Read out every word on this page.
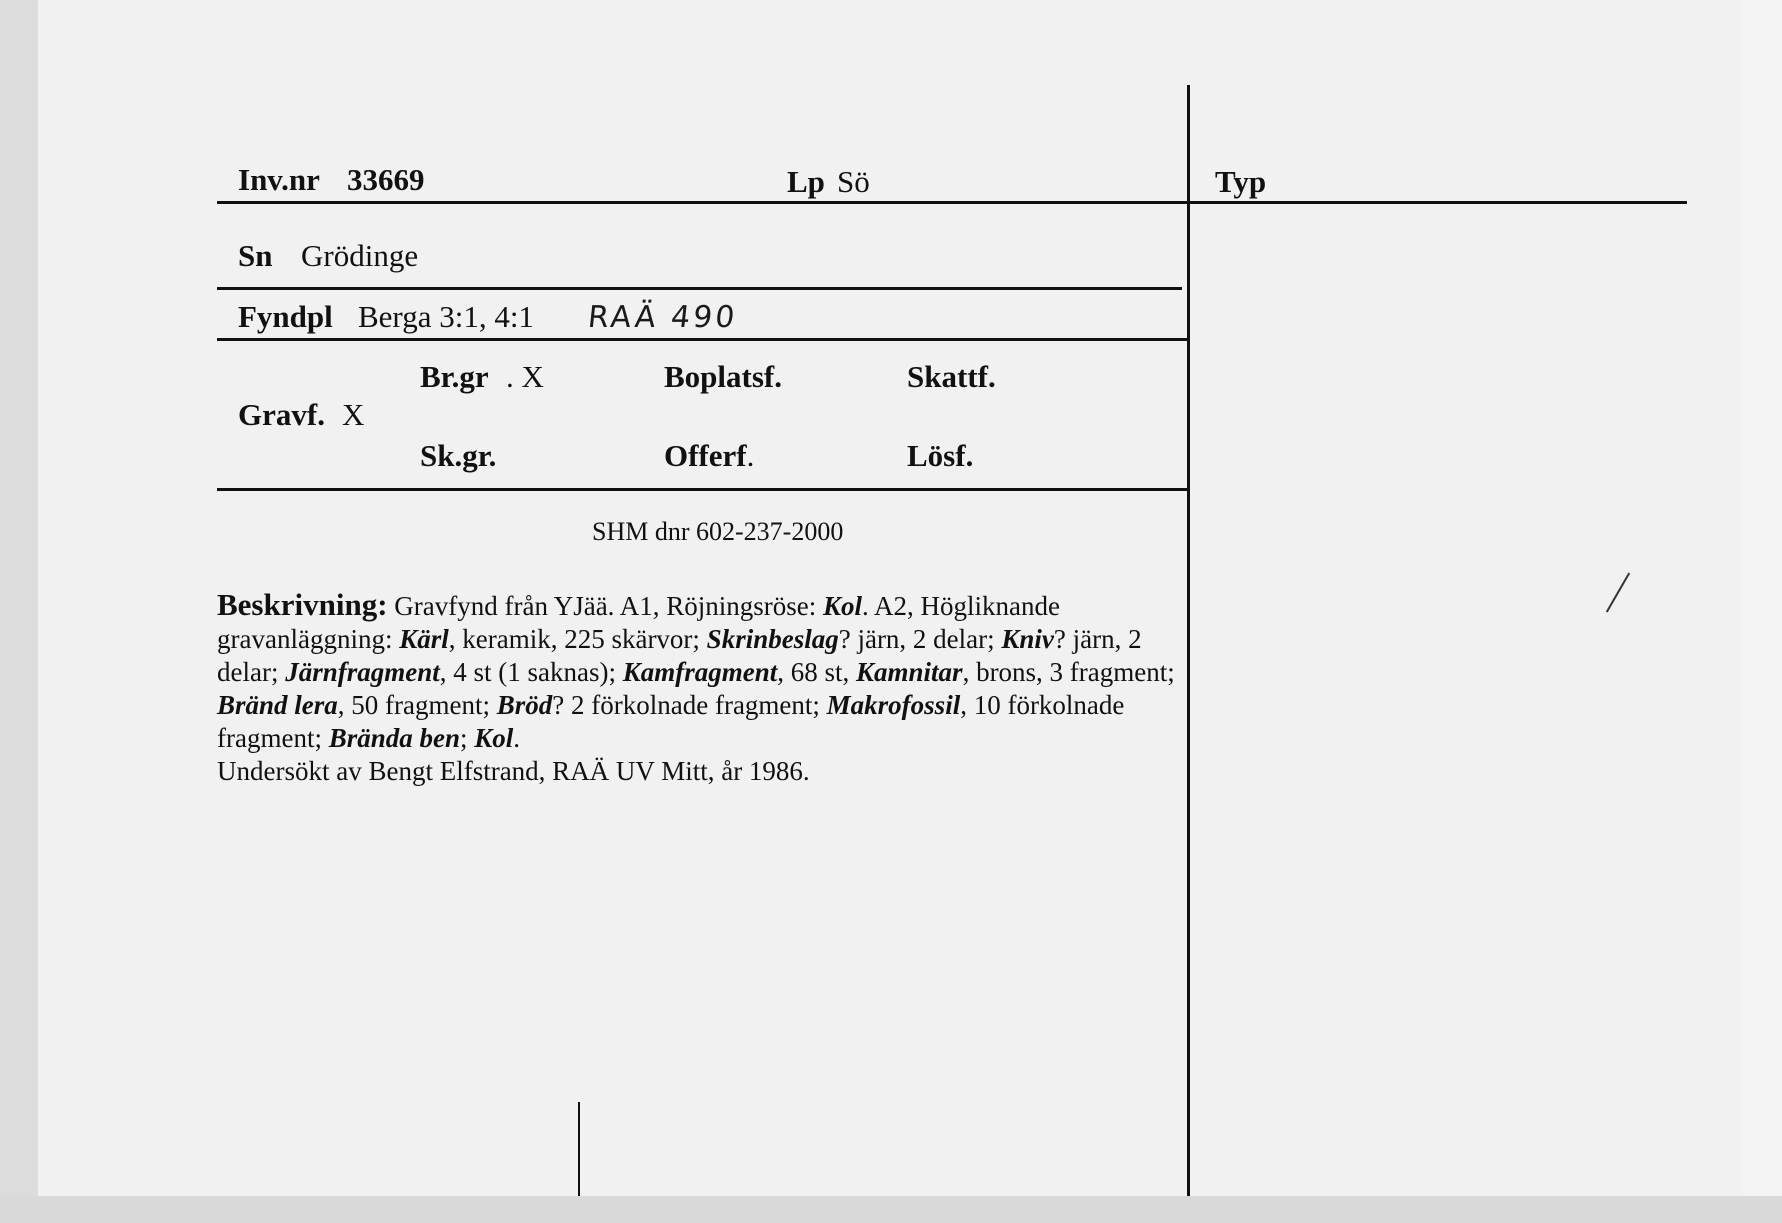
Inv.nr 33669	Lp Sö	Typ
Sn Grödinge
Fyndpl Berga 3:1, 4:1 RAÄ 490
Br.gr . X	Boplatsf.	Skattf.
Gravf. X
Sk.gr.	Offerf.	Lösf.
SHM dnr 602-237-2000
Beskrivning: Gravfynd från YJää. A1, Röjningsröse: Kol. A2, Högliknande gravanläggning: Kärl, keramik, 225 skärvor; Skrinbeslag? järn, 2 delar; Kniv? järn, 2 delar; Järnfragment, 4 st (1 saknas); Kamfragment, 68 st, Kamnitar, brons, 3 fragment; Bränd lera, 50 fragment; Bröd? 2 förkolnade fragment; Makrofossil, 10 förkolnade fragment; Brända ben; Kol.
Undersökt av Bengt Elfstrand, RAÄ UV Mitt, år 1986.
